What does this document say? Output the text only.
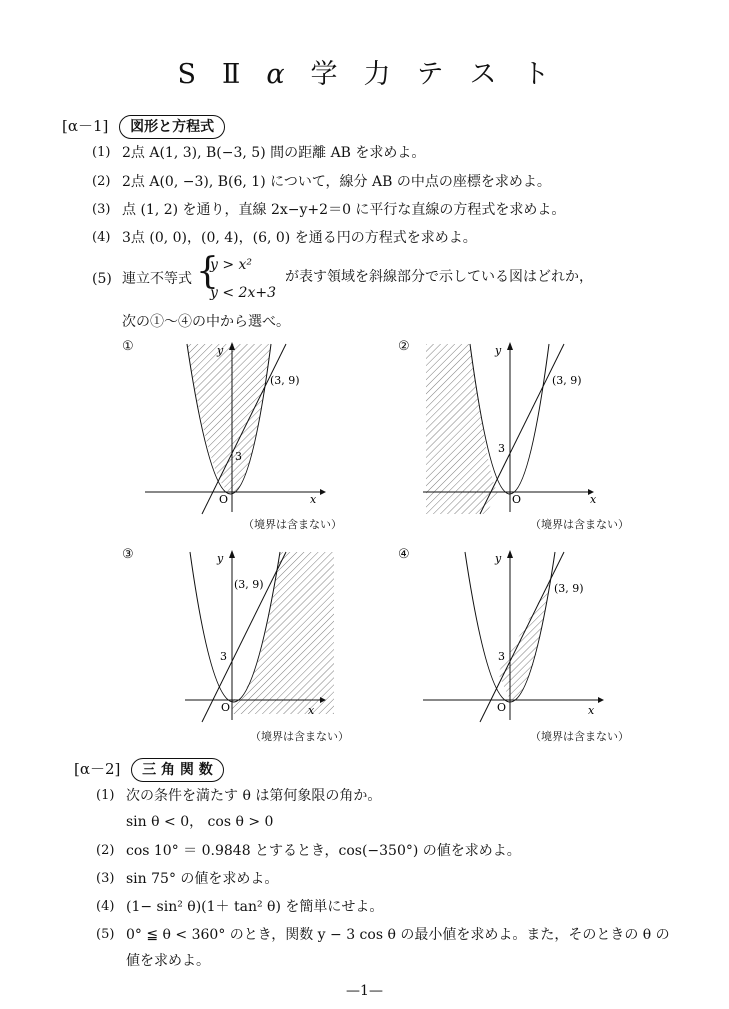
S Ⅱ α 学 力 テ ス ト
[α－1] 図形と方程式
(1) 2点 A(1, 3), B(−3, 5) 間の距離 AB を求めよ。
(2) 2点 A(0, −3), B(6, 1) について，線分 AB の中点の座標を求めよ。
(3) 点 (1, 2) を通り，直線 2x−y+2＝0 に平行な直線の方程式を求めよ。
(4) 3点 (0, 0)，(0, 4)，(6, 0) を通る円の方程式を求めよ。
(5) 連立不等式 {
y > x²
y < 2x+3
が表す領域を斜線部分で示している図はどれか，
次の①～④の中から選べ。
①
(3, 9)
3
O	x
y
（境界は含まない）
②
(3, 9)
3
O	x
y
（境界は含まない）
③
(3, 9)
3
O	x
y
（境界は含まない）
④
(3, 9)
3
O	x
y
（境界は含まない）
[α－2] 三 角 関 数
(1) 次の条件を満たす θ は第何象限の角か。
sin θ < 0， cos θ > 0
(2) cos 10° ＝ 0.9848 とするとき，cos(−350°) の値を求めよ。
(3) sin 75° の値を求めよ。
(4) (1− sin² θ)(1＋ tan² θ) を簡単にせよ。
(5) 0° ≦ θ < 360° のとき，関数 y − 3 cos θ の最小値を求めよ。また，そのときの θ の
値を求めよ。
—1—
